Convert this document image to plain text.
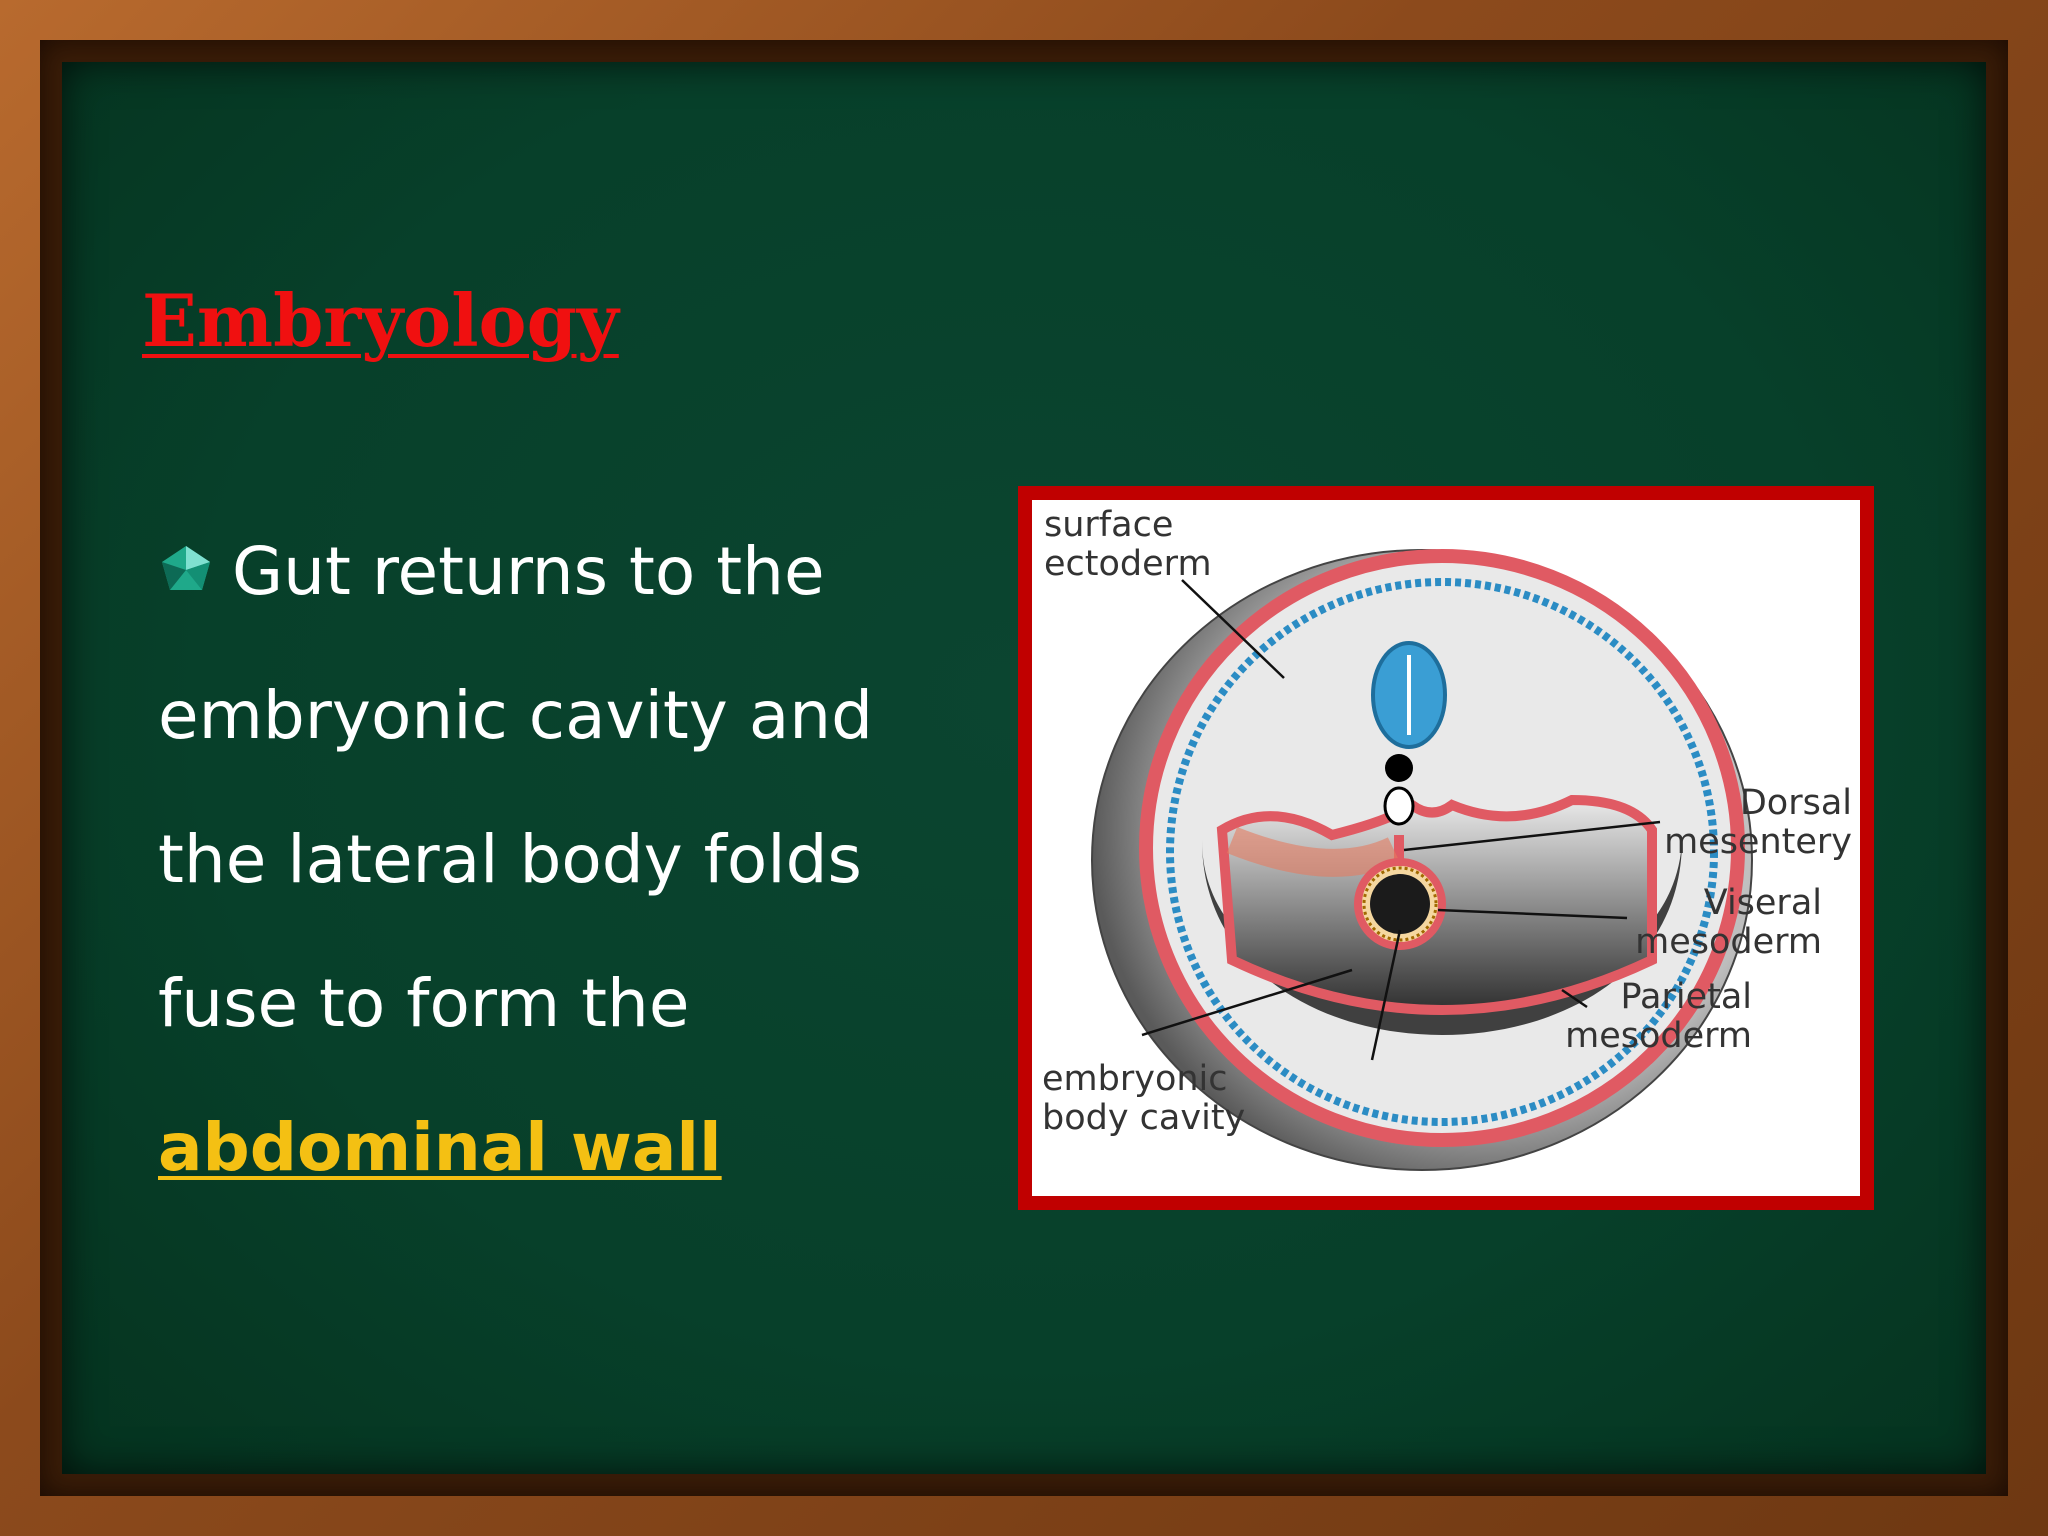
Embryology

Gut returns to the
embryonic cavity and
the lateral body folds
fuse to form the
abdominal wall

surface
ectoderm

Dorsal
mesentery

Viseral
mesoderm

Parietal
mesoderm

embryonic
body cavity
